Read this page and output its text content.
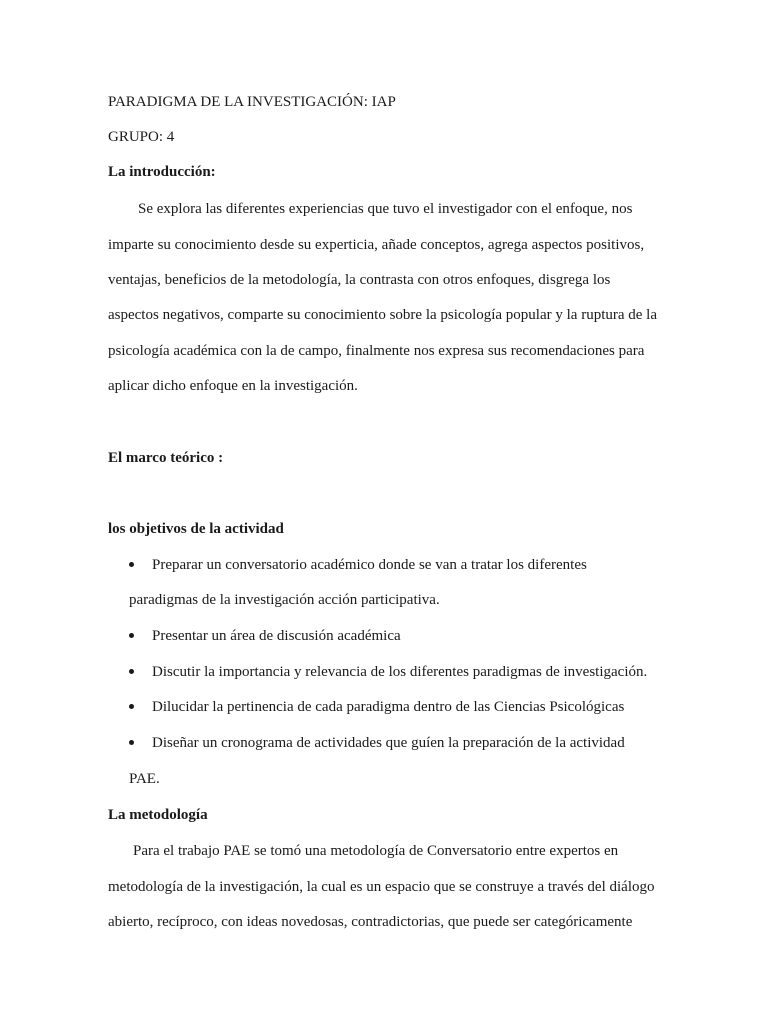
PARADIGMA DE LA INVESTIGACIÓN: IAP
GRUPO: 4
La introducción:
Se explora las diferentes experiencias que tuvo el investigador con el enfoque, nos
imparte su conocimiento desde su experticia, añade conceptos, agrega aspectos positivos,
ventajas, beneficios de la metodología, la contrasta con otros enfoques, disgrega los
aspectos negativos, comparte su conocimiento sobre la psicología popular y la ruptura de la
psicología académica con la de campo, finalmente nos expresa sus recomendaciones para
aplicar dicho enfoque en la investigación.
El marco teórico :
los objetivos de la actividad
Preparar un conversatorio académico donde se van a tratar los diferentes
paradigmas de la investigación acción participativa.
Presentar un área de discusión académica
Discutir la importancia y relevancia de los diferentes paradigmas de investigación.
Dilucidar la pertinencia de cada paradigma dentro de las Ciencias Psicológicas
Diseñar un cronograma de actividades que guíen la preparación de la actividad
PAE.
La metodología
Para el trabajo PAE se tomó una metodología de Conversatorio entre expertos en
metodología de la investigación, la cual es un espacio que se construye a través del diálogo
abierto, recíproco, con ideas novedosas, contradictorias, que puede ser categóricamente
